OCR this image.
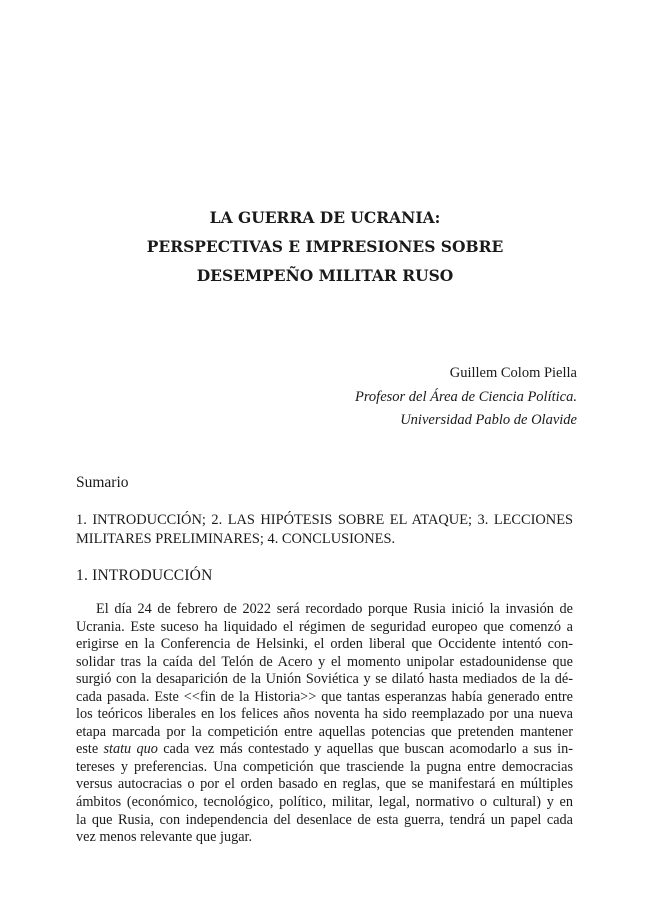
LA GUERRA DE UCRANIA:
PERSPECTIVAS E IMPRESIONES SOBRE
DESEMPEÑO MILITAR RUSO
Guillem Colom Piella
Profesor del Área de Ciencia Política.
Universidad Pablo de Olavide
Sumario
1. INTRODUCCIÓN; 2. LAS HIPÓTESIS SOBRE EL ATAQUE; 3. LECCIONES MILITARES PRELIMINARES; 4. CONCLUSIONES.
1. INTRODUCCIÓN
El día 24 de febrero de 2022 será recordado porque Rusia inició la invasión de
Ucrania. Este suceso ha liquidado el régimen de seguridad europeo que comenzó a
erigirse en la Conferencia de Helsinki, el orden liberal que Occidente intentó con-
solidar tras la caída del Telón de Acero y el momento unipolar estadounidense que
surgió con la desaparición de la Unión Soviética y se dilató hasta mediados de la dé-
cada pasada. Este <<fin de la Historia>> que tantas esperanzas había generado entre
los teóricos liberales en los felices años noventa ha sido reemplazado por una nueva
etapa marcada por la competición entre aquellas potencias que pretenden mantener
este statu quo cada vez más contestado y aquellas que buscan acomodarlo a sus in-
tereses y preferencias. Una competición que trasciende la pugna entre democracias
versus autocracias o por el orden basado en reglas, que se manifestará en múltiples
ámbitos (económico, tecnológico, político, militar, legal, normativo o cultural) y en
la que Rusia, con independencia del desenlace de esta guerra, tendrá un papel cada
vez menos relevante que jugar.
